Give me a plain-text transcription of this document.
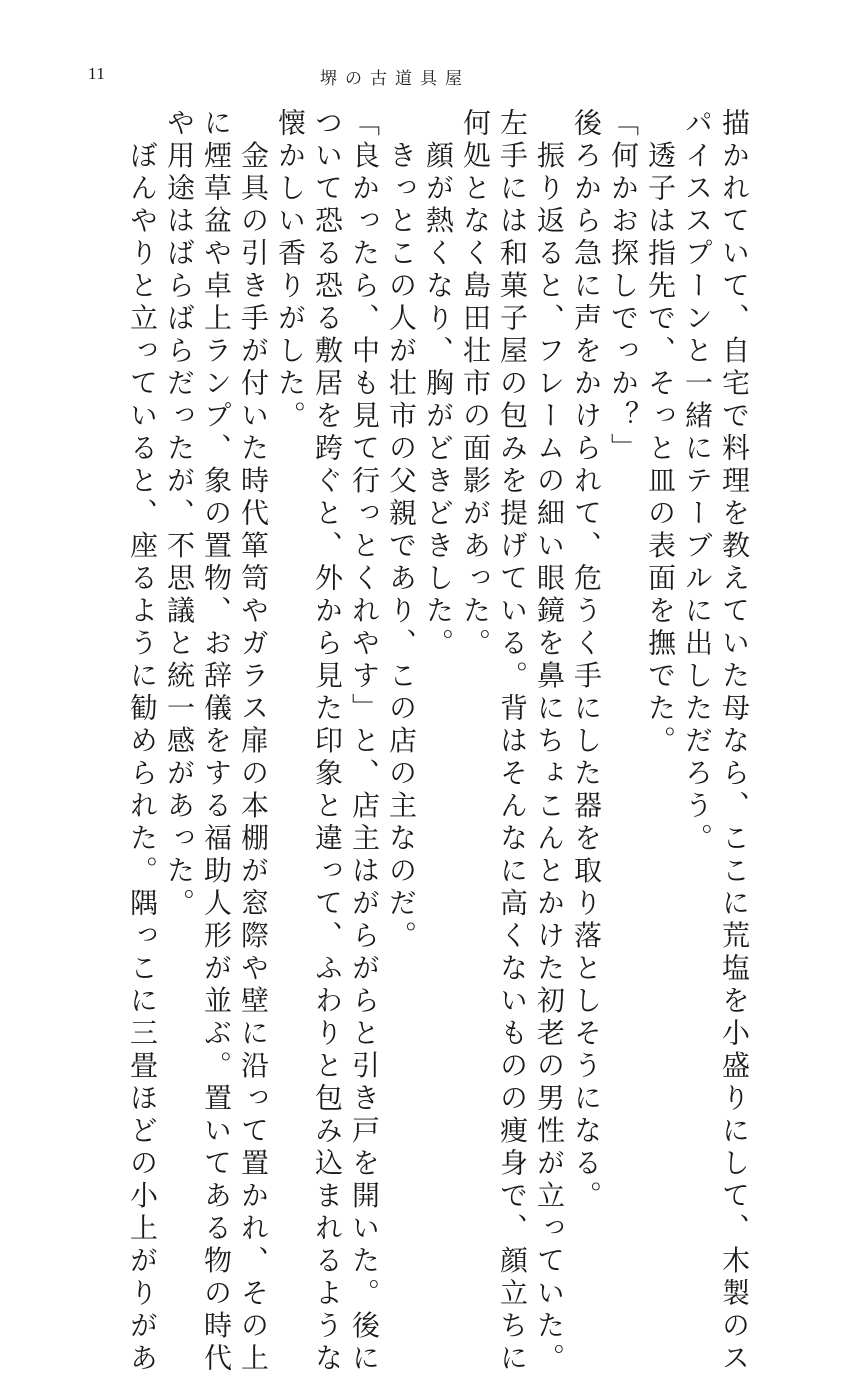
11	堺の古道具屋
描かれていて、自宅で料理を教えていた母なら、ここに荒塩を小盛りにして、木製のス
パイススプーンと一緒にテーブルに出しただろう。
　透子は指先で、そっと皿の表面を撫でた。
「何かお探しでっか？」
後ろから急に声をかけられて、危うく手にした器を取り落としそうになる。
　振り返ると、フレームの細い眼鏡を鼻にちょこんとかけた初老の男性が立っていた。
左手には和菓子屋の包みを提げている。背はそんなに高くないものの痩身で、顔立ちに
何処となく島田壮市の面影があった。
　顔が熱くなり、胸がどきどきした。
　きっとこの人が壮市の父親であり、この店の主なのだ。
「良かったら、中も見て行っとくれやす」と、店主はがらがらと引き戸を開いた。後に
ついて恐る恐る敷居を跨ぐと、外から見た印象と違って、ふわりと包み込まれるような
懐かしい香りがした。
　金具の引き手が付いた時代箪笥やガラス扉の本棚が窓際や壁に沿って置かれ、その上
に煙草盆や卓上ランプ、象の置物、お辞儀をする福助人形が並ぶ。置いてある物の時代
や用途はばらばらだったが、不思議と統一感があった。
　ぼんやりと立っていると、座るように勧められた。隅っこに三畳ほどの小上がりがあ
